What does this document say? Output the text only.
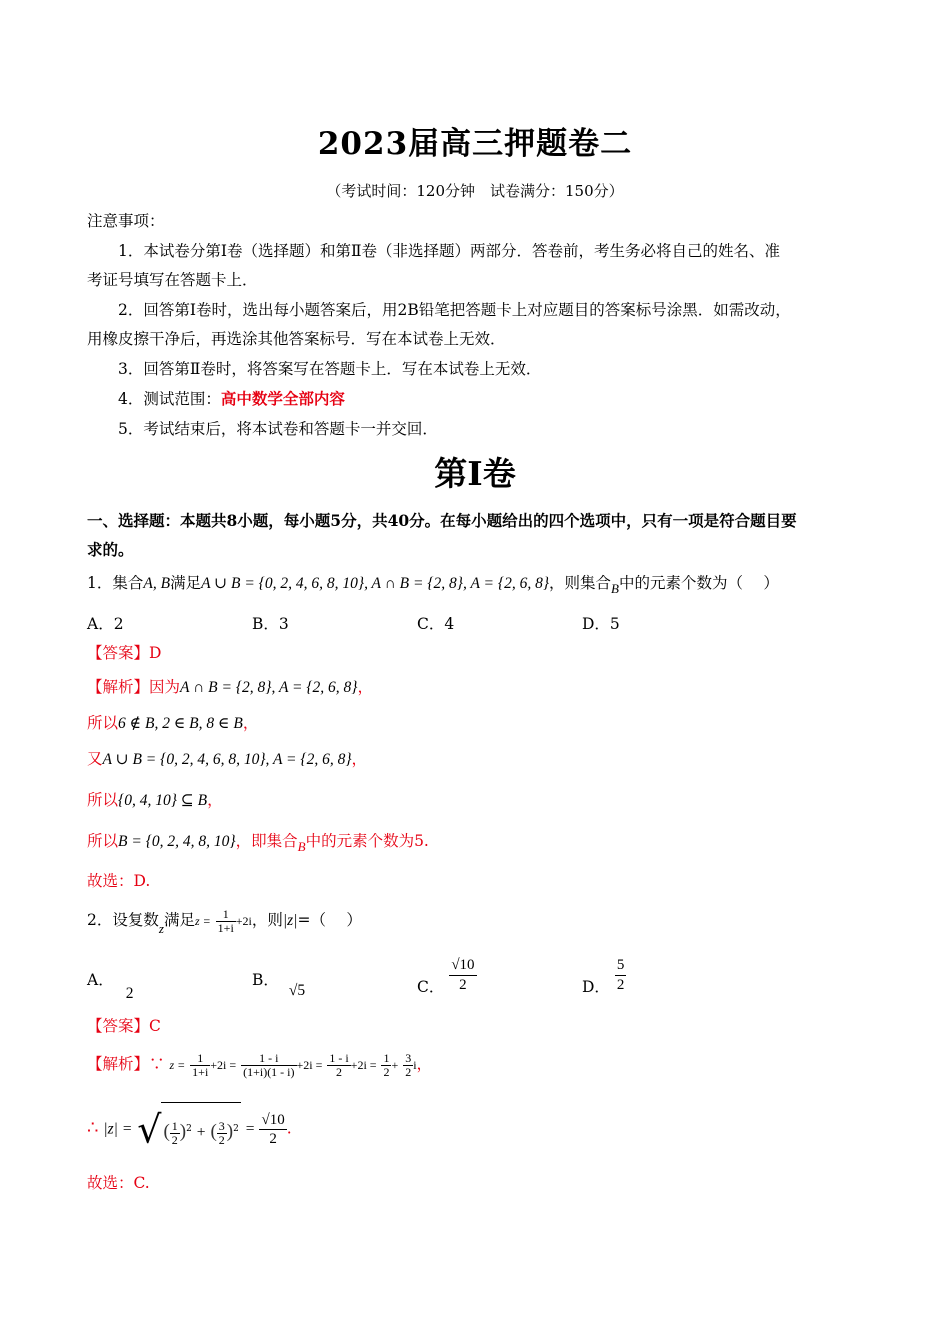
2023届高三押题卷二
（考试时间：120分钟　试卷满分：150分）
注意事项：
1．本试卷分第Ⅰ卷（选择题）和第Ⅱ卷（非选择题）两部分．答卷前，考生务必将自己的姓名、准
考证号填写在答题卡上．
2．回答第Ⅰ卷时，选出每小题答案后，用2B铅笔把答题卡上对应题目的答案标号涂黑．如需改动，
用橡皮擦干净后，再选涂其他答案标号．写在本试卷上无效．
3．回答第Ⅱ卷时，将答案写在答题卡上．写在本试卷上无效．
4．测试范围：高中数学全部内容
5．考试结束后，将本试卷和答题卡一并交回．
第Ⅰ卷
一、选择题：本题共8小题，每小题5分，共40分。在每小题给出的四个选项中，只有一项是符合题目要
求的。
1．集合A, B满足A ∪ B = {0, 2, 4, 6, 8, 10}, A ∩ B = {2, 8}, A = {2, 6, 8}，则集合$_B$中的元素个数为（　 ）
A．2	B．3	C．4	D．5
【答案】D
【解析】因为A ∩ B = {2, 8}, A = {2, 6, 8}，
所以6 ∉ B, 2 ∈ B, 8 ∈ B，
又A ∪ B = {0, 2, 4, 6, 8, 10}, A = {2, 6, 8}，
所以{0, 4, 10} ⊆ B，
所以B = {0, 2, 4, 8, 10}，即集合$_B$中的元素个数为5.
故选：D.
2．设复数$_z$满足$z = \frac{1}{1+i} +2i$，则|z|=（　 ）
A．2
B．√5	C． $\frac{√10}{2}$	D． $\frac{5}{2}$
【答案】C
【解析】∵ $z = \frac{1}{1+i} +2i = \frac{1 - i}{(1+i)(1 - i)} +2i = \frac{1 - i}{2} +2i = \frac{1}{2} + \frac{3}{2}$ i，
∴ |z| = √ ( $\frac{1}{2} )^2$ + ( $\frac{3}{2} )^2 = \frac{√10}{2}$ .
故选：C.
